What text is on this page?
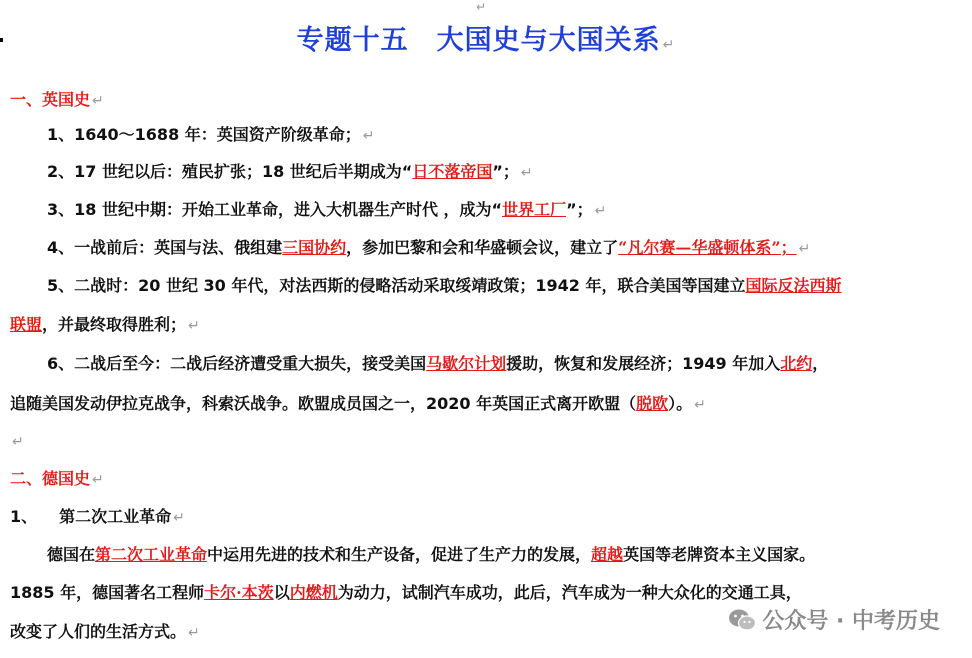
↵
专题十五　大国史与大国关系 ↵
一、英国史 ↵
1、1640～1688 年：英国资产阶级革命； ↵
2、17 世纪以后：殖民扩张；18 世纪后半期成为“日不落帝国”； ↵
3、18 世纪中期：开始工业革命，进入大机器生产时代 ，成为“世界工厂”； ↵
4、一战前后：英国与法、俄组建三国协约，参加巴黎和会和华盛顿会议，建立了“凡尔赛—华盛顿体系”； ↵
5、二战时：20 世纪 30 年代，对法西斯的侵略活动采取绥靖政策；1942 年，联合美国等国建立国际反法西斯
联盟，并最终取得胜利； ↵
6、二战后至今：二战后经济遭受重大损失，接受美国马歇尔计划援助，恢复和发展经济；1949 年加入北约，
追随美国发动伊拉克战争，科索沃战争。欧盟成员国之一，2020 年英国正式离开欧盟（脱欧）。 ↵
↵
二、德国史 ↵
1、 第二次工业革命 ↵
德国在第二次工业革命中运用先进的技术和生产设备，促进了生产力的发展，超越英国等老牌资本主义国家。
1885 年，德国著名工程师卡尔·本茨以内燃机为动力，试制汽车成功，此后，汽车成为一种大众化的交通工具，
改变了人们的生活方式。 ↵	公众号 · 中考历史
